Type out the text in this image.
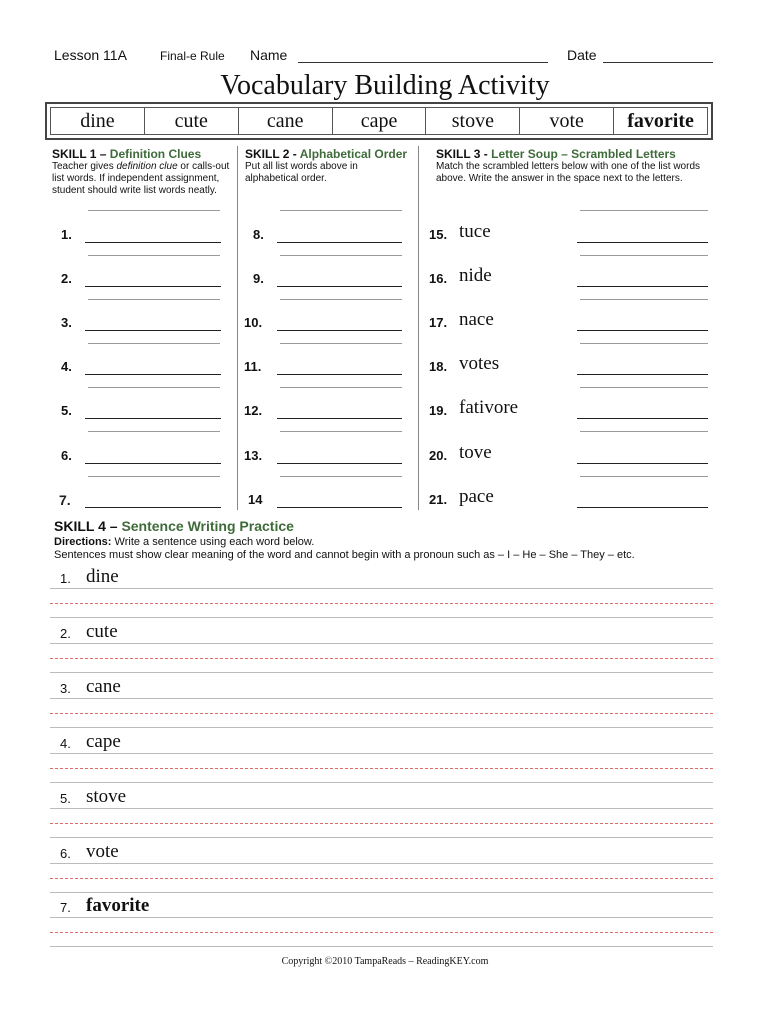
Lesson 11A	Final-e Rule Name	Date
Vocabulary Building Activity
dine	cute	cane	cape	stove	vote	favorite
SKILL 1 – Definition Clues
Teacher gives definition clue or calls-out list words. If independent assignment, student should write list words neatly.
SKILL 2 - Alphabetical Order
Put all list words above in alphabetical order.
SKILL 3 - Letter Soup – Scrambled Letters
Match the scrambled letters below with one of the list words above. Write the answer in the space next to the letters.
1.
2.
3.
4.
5.
6.
7.
8.
9.
10.
11.
12.
13.
14
15. tuce
16. nide
17. nace
18. votes
19. fativore
20. tove
21. pace
SKILL 4 – Sentence Writing Practice
Directions: Write a sentence using each word below.
Sentences must show clear meaning of the word and cannot begin with a pronoun such as – I – He – She – They – etc.
1. dine
2. cute
3. cane
4. cape
5. stove
6. vote
7. favorite
Copyright ©2010 TampaReads – ReadingKEY.com
